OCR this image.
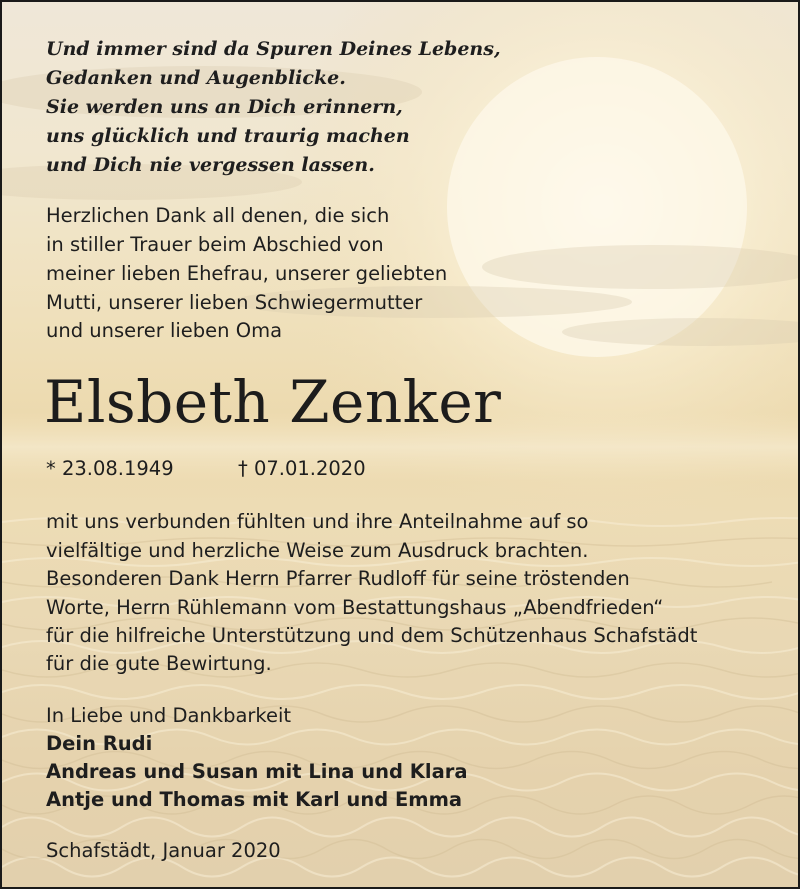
Und immer sind da Spuren Deines Lebens,
Gedanken und Augenblicke.
Sie werden uns an Dich erinnern,
uns glücklich und traurig machen
und Dich nie vergessen lassen.
Herzlichen Dank all denen, die sich
in stiller Trauer beim Abschied von
meiner lieben Ehefrau, unserer geliebten
Mutti, unserer lieben Schwiegermutter
und unserer lieben Oma
Elsbeth Zenker
* 23.08.1949	† 07.01.2020
mit uns verbunden fühlten und ihre Anteilnahme auf so
vielfältige und herzliche Weise zum Ausdruck brachten.
Besonderen Dank Herrn Pfarrer Rudloff für seine tröstenden
Worte, Herrn Rühlemann vom Bestattungshaus „Abendfrieden“
für die hilfreiche Unterstützung und dem Schützenhaus Schafstädt
für die gute Bewirtung.
In Liebe und Dankbarkeit
Dein Rudi
Andreas und Susan mit Lina und Klara
Antje und Thomas mit Karl und Emma
Schafstädt, Januar 2020
